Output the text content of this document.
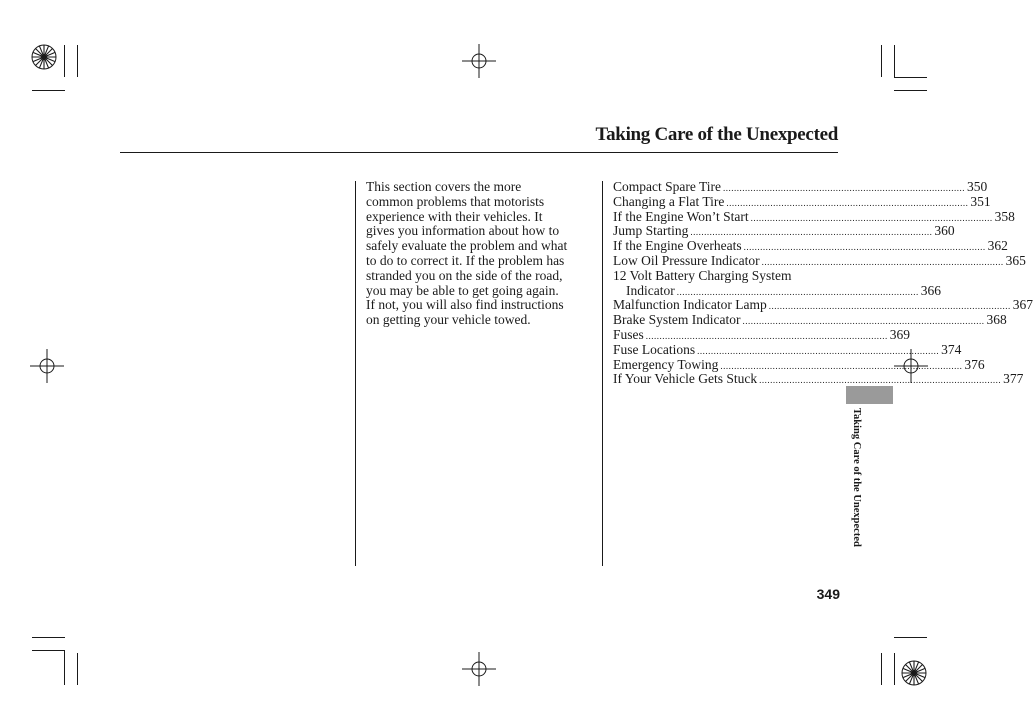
Taking Care of the Unexpected
This section covers the more
common problems that motorists
experience with their vehicles. It
gives you information about how to
safely evaluate the problem and what
to do to correct it. If the problem has
stranded you on the side of the road,
you may be able to get going again.
If not, you will also find instructions
on getting your vehicle towed.
Compact Spare Tire ........................................................................................ 350
Changing a Flat Tire ........................................................................................ 351
If the Engine Won’t Start ........................................................................................ 358
Jump Starting ........................................................................................ 360
If the Engine Overheats ........................................................................................ 362
Low Oil Pressure Indicator ........................................................................................ 365
12 Volt Battery Charging System
Indicator ........................................................................................ 366
Malfunction Indicator Lamp ........................................................................................ 367
Brake System Indicator ........................................................................................ 368
Fuses ........................................................................................ 369
Fuse Locations ........................................................................................ 374
Emergency Towing ........................................................................................ 376
If Your Vehicle Gets Stuck ........................................................................................ 377
Taking Care of the Unexpected
349
